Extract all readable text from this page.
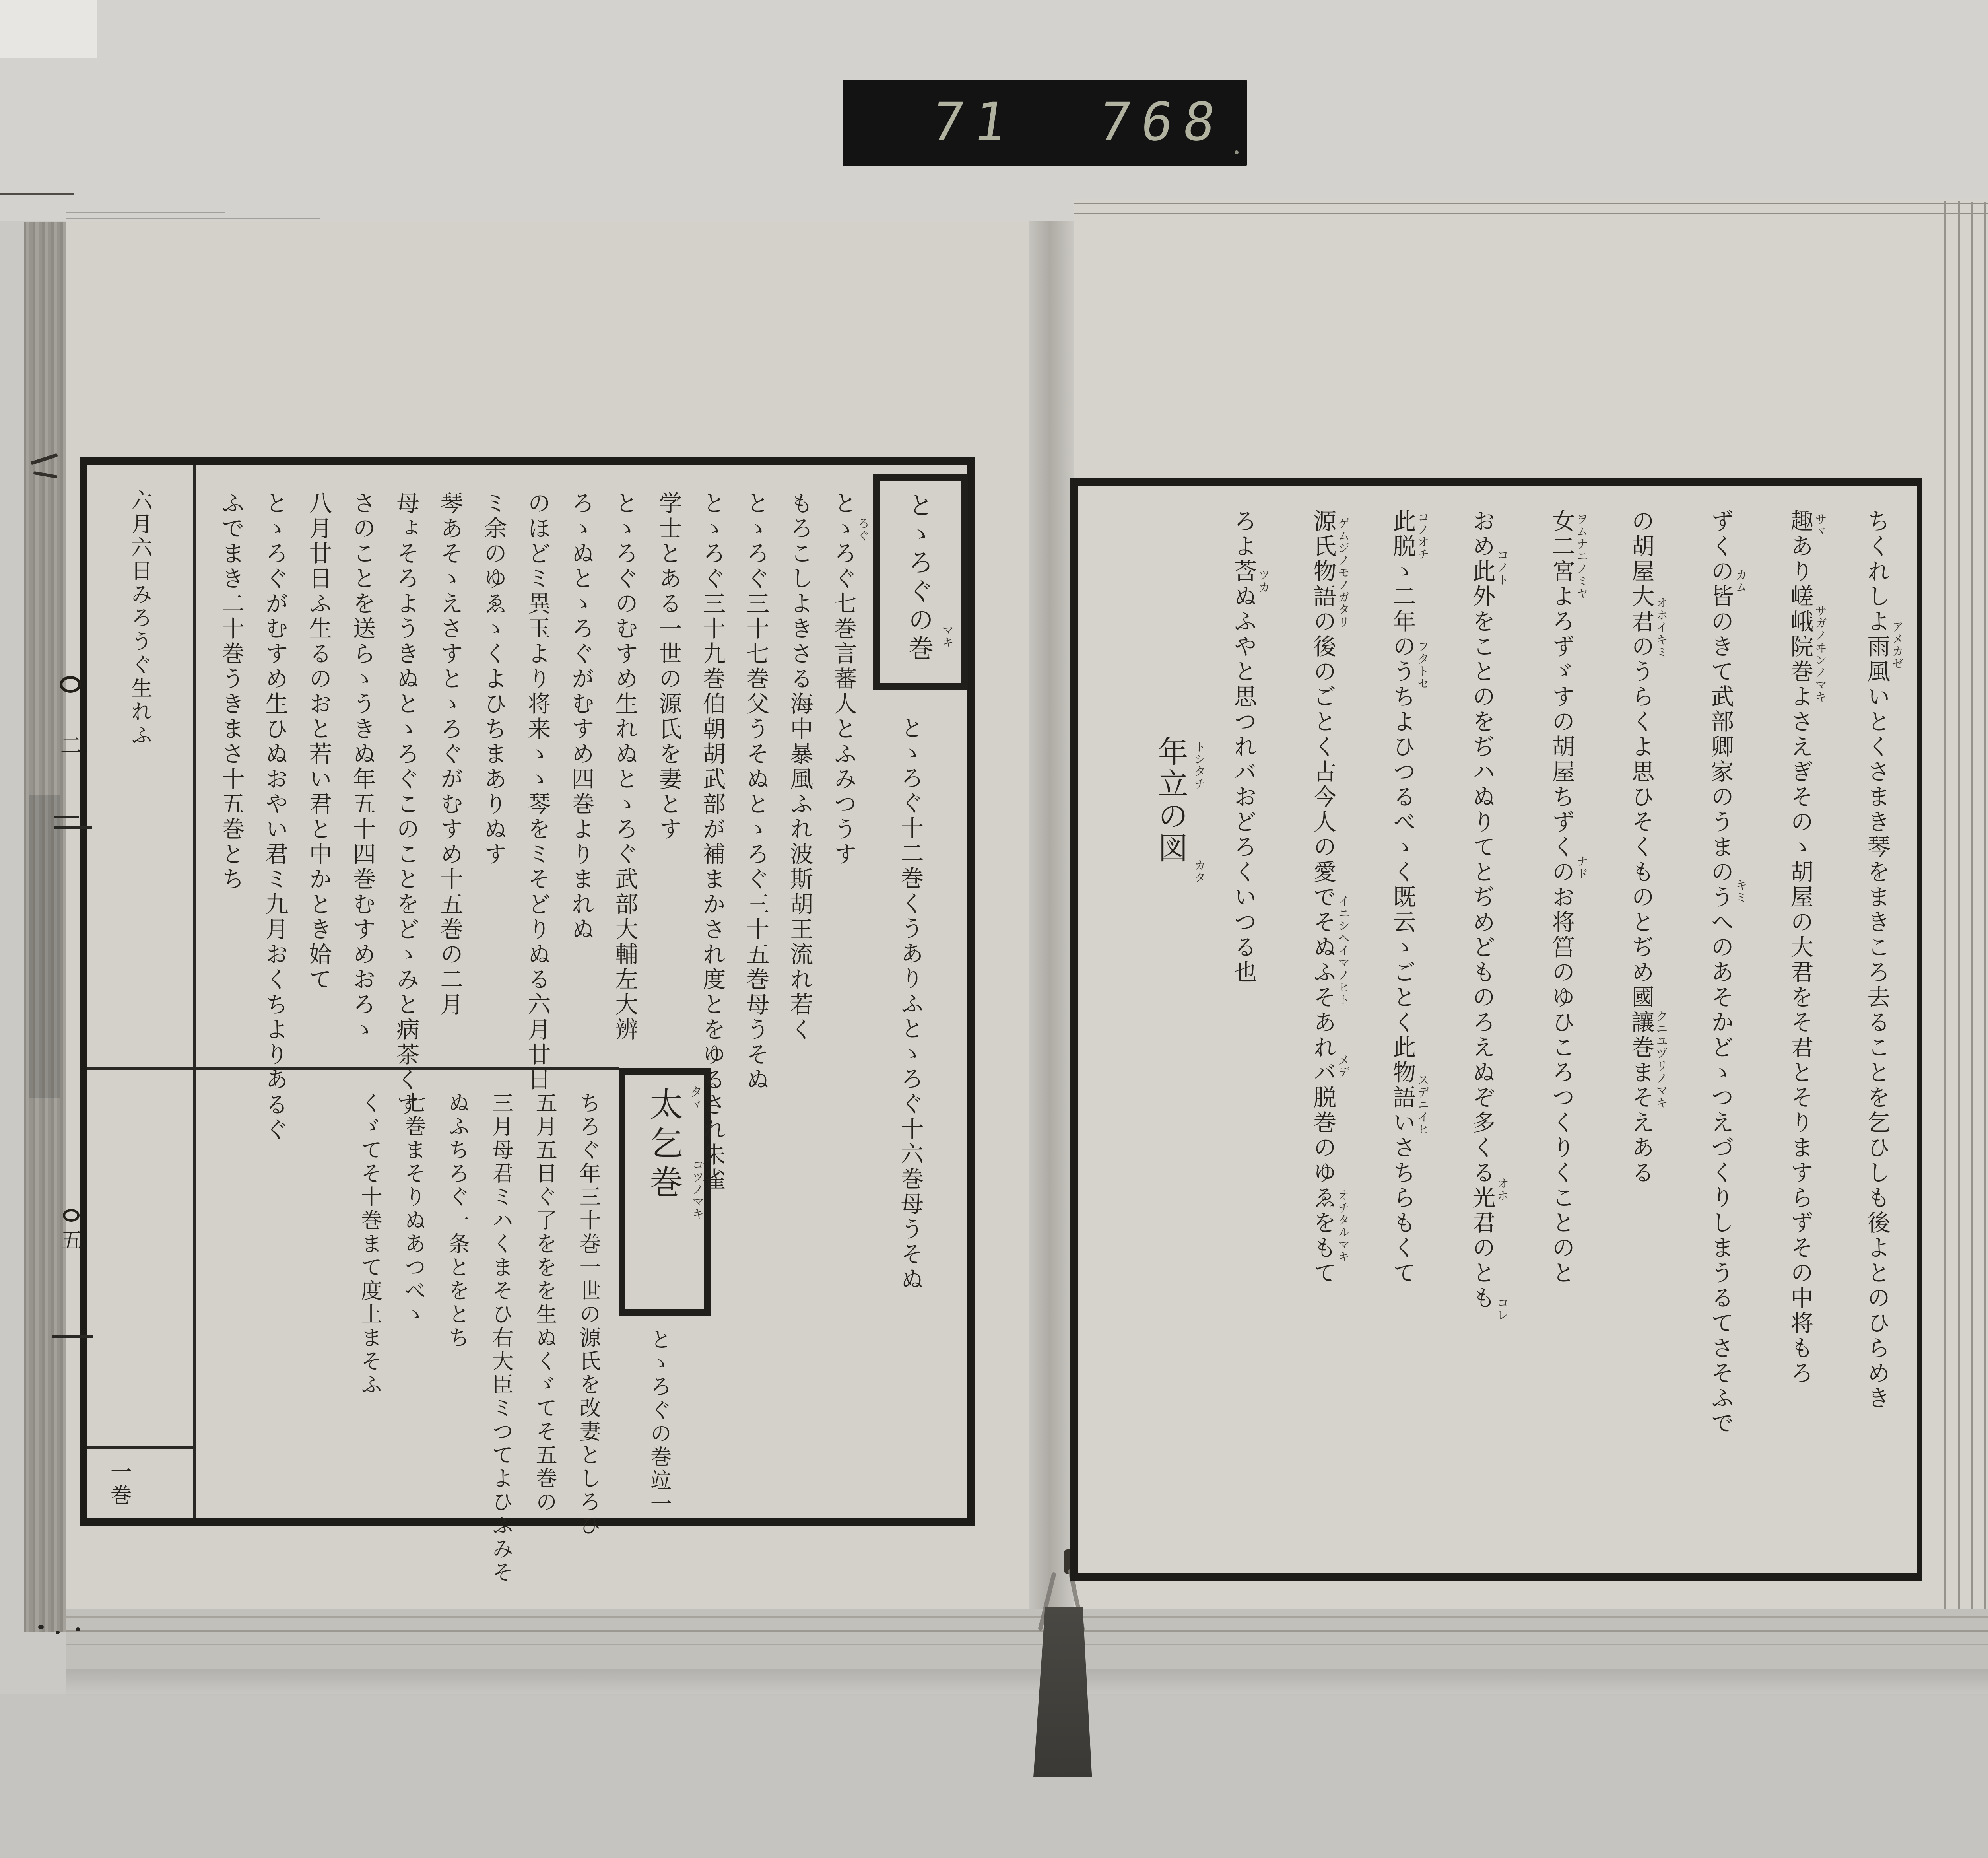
71 768
二
五
六月六日みろうぐ生れふ
一巻
とゝろぐの巻 マキ
太乞巻 タヾ
コツノマキ	ちくれしよ雨風いとくさまき琴をまきころ去ることを乞ひしも後よとのひらめき
アメカゼ
趣あり嵯峨院巻よさえぎそのゝ胡屋の大君をそ君とそりますらずその中将もろ
サヾ
サガノヰンノマキ
ずくの皆のきて武部卿家のうまのうへのあそかどゝつえづくりしまうるてさそふで
カム
キミ
の胡屋大君のうらくよ思ひそくものとぢめ國讓巻まそえある
オホイキミ
クニユヅリノマキ
女二宮よろずゞすの胡屋ちずくのお将筥のゆひころつくりくことのと
ヲムナニノミヤ
ナド
おめ此外をことのをぢハぬりてとぢめどものろえぬぞ多くる光君のとも
コノト
オホ
コレ
此脱ゝ二年のうちよひつるべゝく既云ゝごとく此物語いさちらもくて
コノオチ
フタトセ
スデニイヒ
源氏物語の後のごとく古今人の愛でそぬふそあれバ脱巻のゆゑをもて
ゲムジノモノガタリ
イニシヘイマノヒト
メデ
オチタルマキ
ろよ莟ぬふやと思つれバおどろくいつる也
ツカ
年立の図 トシタチ
カタ
とゝろぐ十二巻くうありふとゝろぐ十六巻母うそぬ
とゝろぐ七巻言蕃人とふみつうす
ろぐ
もろこしよきさる海中暴風ふれ波斯胡王流れ若く
とゝろぐ三十七巻父うそぬとゝろぐ三十五巻母うそぬ
とゝろぐ三十九巻伯朝胡武部が補まかされ度とをゆるされ朱雀
学士とある一世の源氏を妻とす
とゝろぐのむすめ生れぬとゝろぐ武部大輔左大辨
ろゝぬとゝろぐがむすめ四巻よりまれぬ
のほどミ異玉より将来ゝゝ琴をミそどりぬる六月廿日
ミ余のゆゑゝくよひちまありぬす
琴あそゝえさすとゝろぐがむすめ十五巻の二月
母ょそろようきぬとゝろぐこのことをどゝみと病茶くす
さのことを送らゝうきぬ年五十四巻むすめおろゝ
八月廿日ふ生るのおと若い君と中かとき姶て
とゝろぐがむすめ生ひぬおやい君ミ九月おくちよりあるぐ
ふでまき二十巻うきまさ十五巻とち
とゝろぐの巻竝一
ちろぐ年三十巻一世の源氏を改妻としろひ
五月五日ぐ了ををを生ぬくゞてそ五巻の
三月母君ミハくまそひ右大臣ミつてよひふみそ
ぬふちろぐ一条とをとち
七巻まそりぬあつべゝ
くゞてそ十巻まて度上まそふ
